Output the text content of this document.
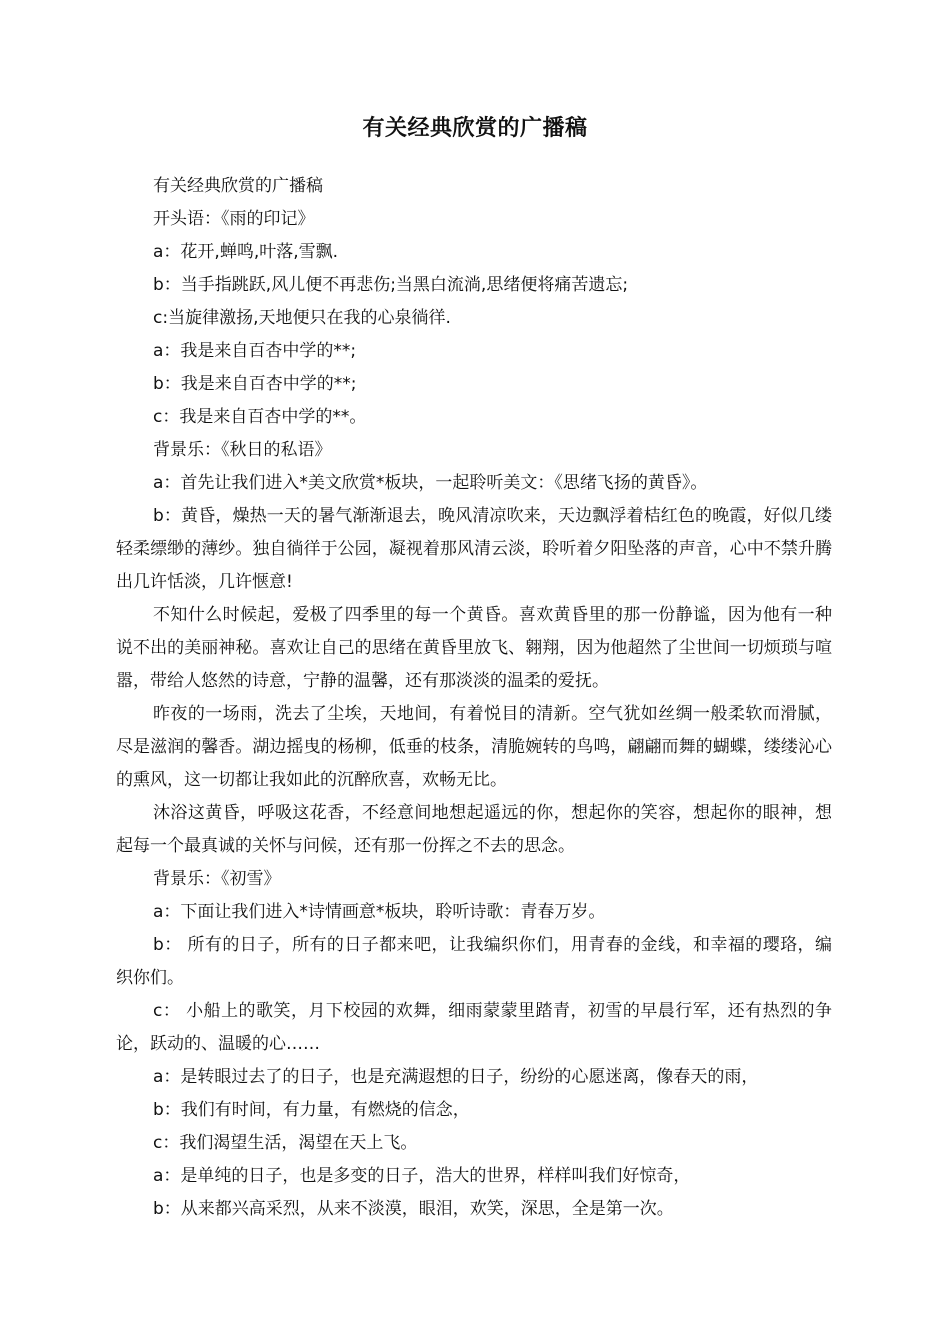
有关经典欣赏的广播稿

有关经典欣赏的广播稿

开头语：《雨的印记》

a：花开,蝉鸣,叶落,雪飘.

b：当手指跳跃,风儿便不再悲伤;当黑白流淌,思绪便将痛苦遗忘;

c:当旋律激扬,天地便只在我的心泉徜徉.

a：我是来自百杏中学的**;

b：我是来自百杏中学的**;

c：我是来自百杏中学的**。

背景乐：《秋日的私语》

a：首先让我们进入*美文欣赏*板块，一起聆听美文：《思绪飞扬的黄昏》。

b：黄昏，燥热一天的暑气渐渐退去，晚风清凉吹来，天边飘浮着桔红色的晚霞，好似几缕轻柔缥缈的薄纱。独自徜徉于公园，凝视着那风清云淡，聆听着夕阳坠落的声音，心中不禁升腾出几许恬淡，几许惬意!

不知什么时候起，爱极了四季里的每一个黄昏。喜欢黄昏里的那一份静谧，因为他有一种说不出的美丽神秘。喜欢让自己的思绪在黄昏里放飞、翱翔，因为他超然了尘世间一切烦琐与喧嚣，带给人悠然的诗意，宁静的温馨，还有那淡淡的温柔的爱抚。

昨夜的一场雨，洗去了尘埃，天地间，有着悦目的清新。空气犹如丝绸一般柔软而滑腻，尽是滋润的馨香。湖边摇曳的杨柳，低垂的枝条，清脆婉转的鸟鸣，翩翩而舞的蝴蝶，缕缕沁心的熏风，这一切都让我如此的沉醉欣喜，欢畅无比。

沐浴这黄昏，呼吸这花香，不经意间地想起遥远的你，想起你的笑容，想起你的眼神，想起每一个最真诚的关怀与问候，还有那一份挥之不去的思念。

背景乐：《初雪》

a：下面让我们进入*诗情画意*板块，聆听诗歌：青春万岁。

b： 所有的日子，所有的日子都来吧，让我编织你们，用青春的金线，和幸福的璎珞，编织你们。

c： 小船上的歌笑，月下校园的欢舞，细雨蒙蒙里踏青，初雪的早晨行军，还有热烈的争论，跃动的、温暖的心……

a：是转眼过去了的日子，也是充满遐想的日子，纷纷的心愿迷离，像春天的雨，

b：我们有时间，有力量，有燃烧的信念，

c：我们渴望生活，渴望在天上飞。

a：是单纯的日子，也是多变的日子，浩大的世界，样样叫我们好惊奇，

b：从来都兴高采烈，从来不淡漠，眼泪，欢笑，深思，全是第一次。
